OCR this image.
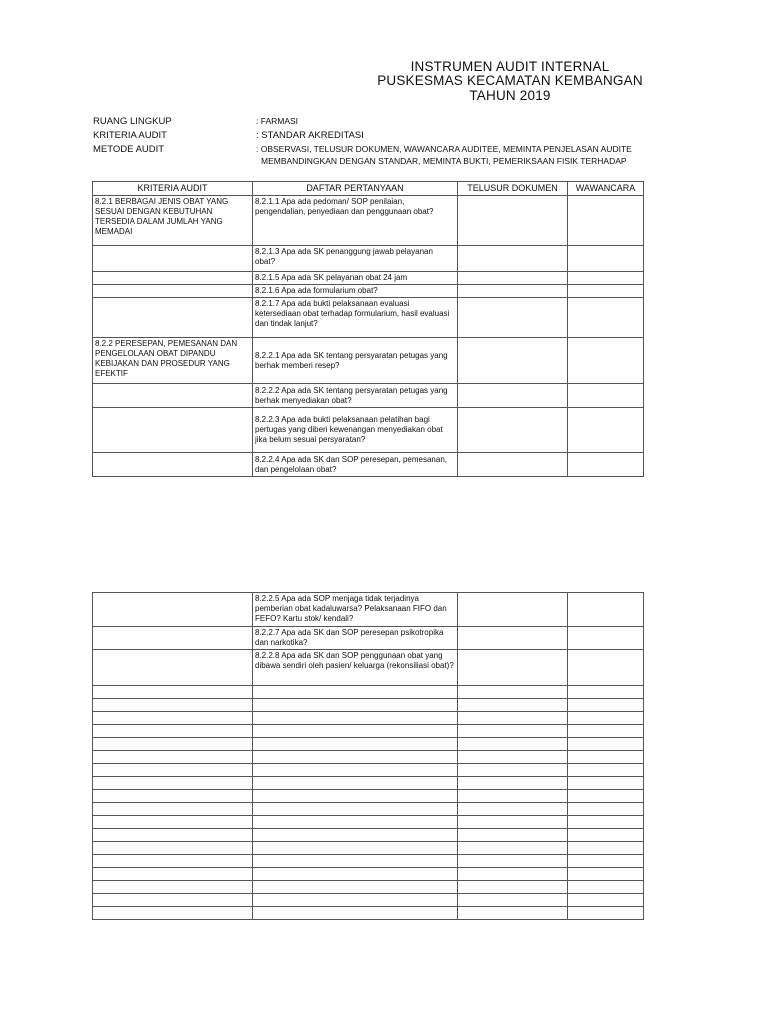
INSTRUMEN AUDIT INTERNAL
PUSKESMAS KECAMATAN KEMBANGAN
TAHUN 2019
RUANG LINGKUP	: FARMASI
KRITERIA AUDIT	: STANDAR AKREDITASI
METODE AUDIT	: OBSERVASI, TELUSUR DOKUMEN, WAWANCARA AUDITEE, MEMINTA PENJELASAN AUDITE
MEMBANDINGKAN DENGAN STANDAR, MEMINTA BUKTI, PEMERIKSAAN FISIK TERHADAP
KRITERIA AUDIT	DAFTAR PERTANYAAN	TELUSUR DOKUMEN	WAWANCARA
8.2.1 BERBAGAI JENIS OBAT YANG SESUAI DENGAN KEBUTUHAN TERSEDIA DALAM JUMLAH YANG MEMADAI	8.2.1.1 Apa ada pedoman/ SOP penilaian, pengendalian, penyediaan dan penggunaan obat?		
	8.2.1.3 Apa ada SK penanggung jawab pelayanan obat?		
	8.2.1.5 Apa ada SK pelayanan obat 24 jam		
	8.2.1.6 Apa ada formularium obat?		
	8.2.1.7 Apa ada bukti pelaksanaan evaluasi ketersediaan obat terhadap formularium, hasil evaluasi dan tindak lanjut?		
8.2.2 PERESEPAN, PEMESANAN DAN PENGELOLAAN OBAT DIPANDU KEBIJAKAN DAN PROSEDUR YANG EFEKTIF	8.2.2.1 Apa ada SK tentang persyaratan petugas yang berhak memberi resep?		
	8.2.2.2 Apa ada SK tentang persyaratan petugas yang berhak menyediakan obat?		
	8.2.2.3 Apa ada bukti pelaksanaan pelatihan bagi pertugas yang diberi kewenangan menyediakan obat jika belum sesuai persyaratan?		
	8.2.2.4 Apa ada SK dan SOP peresepan, pemesanan, dan pengelolaan obat?		
	8.2.2.5 Apa ada SOP menjaga tidak terjadinya pemberian obat kadaluwarsa? Pelaksanaan FIFO dan FEFO? Kartu stok/ kendali?		
	8.2.2.7 Apa ada SK dan SOP peresepan psikotropika dan narkotika?		
	8.2.2.8 Apa ada SK dan SOP penggunaan obat yang dibawa sendiri oleh pasien/ keluarga (rekonsiliasi obat)?		
